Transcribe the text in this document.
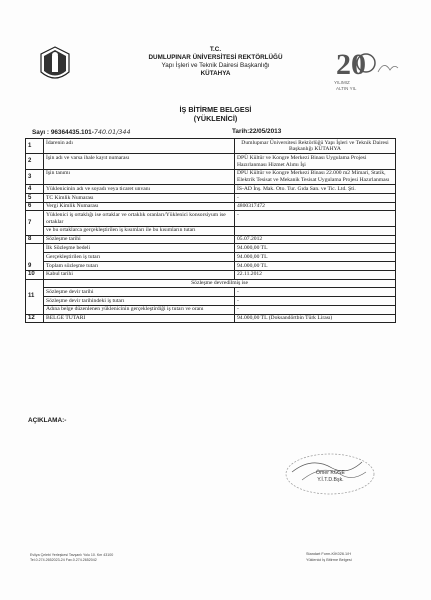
T.C.
DUMLUPINAR ÜNİVERSİTESİ REKTÖRLÜĞÜ
Yapı İşleri ve Teknik Dairesi Başkanlığı
KÜTAHYA	20
YILIMIZ
ALTIN YIL
İŞ BİTİRME BELGESİ
(YÜKLENİCİ)
Sayı : 96364435.101-740.01/344	Tarih:22/05/2013
1	İdarenin adı	Dumlupınar Üniversitesi Rektörlüğü Yapı İşleri ve Teknik Dairesi Başkanlığı KÜTAHYA
2	İşin adı ve varsa ihale kayıt numarası	DPÜ Kültür ve Kongre Merkezi Binası Uygulama Projesi Hazırlanması Hizmet Alımı İşi
3	İşin tanımı	DPÜ Kültür ve Kongre Merkezi Binası 22.000 m2 Mimari, Statik, Elektrik Tesisat ve Mekanik Tesisat Uygulama Projesi Hazırlanması
4	Yüklenicinin adı ve soyadı veya ticaret unvanı	İS-AD İnş. Mak. Oto. Tur. Gıda San. ve Tic. Ltd. Şti.
5	TC Kimlik Numarası	-
6	Vergi Kimlik Numarası	4800317472
7	Yüklenici iş ortaklığı ise ortaklar ve ortaklık oranları/Yüklenici konsorsiyum ise ortaklar	-
	ve bu ortaklarca gerçekleştirilen iş kısımları ile bu kısımların tutarı	
8	Sözleşme tarihi	05.07.2012
9	İlk Sözleşme bedeli	94.000,00 TL
	Gerçekleştirilen iş tutarı	94.000,00 TL
	Toplam sözleşme tutarı	94.000,00 TL
10	Kabul tarihi	22.11.2012
11	Sözleşme devredilmiş ise	
	Sözleşme devir tarihi	-
	Sözleşme devir tarihindeki iş tutarı	-
	Adına belge düzenlenen yüklenicinin gerçekleştirdiği iş tutarı ve oranı	-

12	BELGE TUTARI	94.000,00 TL (Doksandörtbin Türk Lirası)
AÇIKLAMA:-
Ömer KÖSE
Y.İ.T.D.Bşk.
Evliya Çelebi Yerleşkesi Tavşanlı Yolu 10. Km 43100
Tel.0.274.2652023-24 Fax.0.274.2652042
Standart Form-KİK026.1/H
Yüklenici İş Bitirme Belgesi
